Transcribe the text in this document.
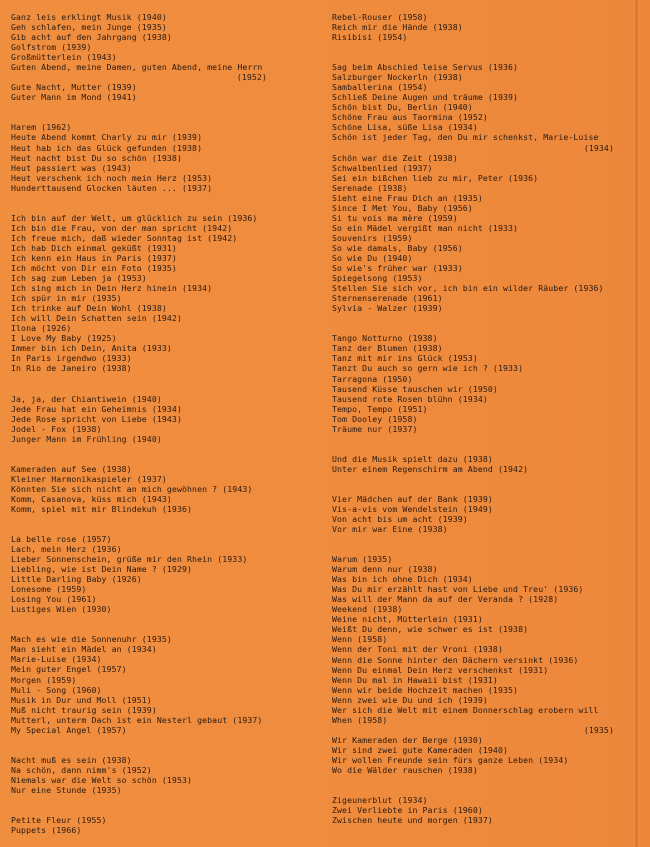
Ganz leis erklingt Musik (1940)
Geh schlafen, mein Junge (1935)
Gib acht auf den Jahrgang (1938)
Golfstrom (1939)
Großmütterlein (1943)
Guten Abend, meine Damen, guten Abend, meine Herrn
(1952)
Gute Nacht, Mutter (1939)
Guter Mann im Mond (1941)
Harem (1962)
Heute Abend kommt Charly zu mir (1939)
Heut hab ich das Glück gefunden (1938)
Heut nacht bist Du so schön (1938)
Heut passiert was (1943)
Heut verschenk ich noch mein Herz (1953)
Hunderttausend Glocken läuten ... (1937)
Ich bin auf der Welt, um glücklich zu sein (1936)
Ich bin die Frau, von der man spricht (1942)
Ich freue mich, daß wieder Sonntag ist (1942)
Ich hab Dich einmal geküßt (1931)
Ich kenn ein Haus in Paris (1937)
Ich möcht von Dir ein Foto (1935)
Ich sag zum Leben ja (1953)
Ich sing mich in Dein Herz hinein (1934)
Ich spür in mir (1935)
Ich trinke auf Dein Wohl (1938)
Ich will Dein Schatten sein (1942)
Ilona (1926)
I Love My Baby (1925)
Immer bin ich Dein, Anita (1933)
In Paris irgendwo (1933)
In Rio de Janeiro (1938)
Ja, ja, der Chiantiwein (1940)
Jede Frau hat ein Geheimnis (1934)
Jede Rose spricht von Liebe (1943)
Jodel - Fox (1938)
Junger Mann im Frühling (1940)
Kameraden auf See (1938)
Kleiner Harmonikaspieler (1937)
Könnten Sie sich nicht an mich gewöhnen ? (1943)
Komm, Casanova, küss mich (1943)
Komm, spiel mit mir Blindekuh (1936)
La belle rose (1957)
Lach, mein Herz (1936)
Lieber Sonnenschein, grüße mir den Rhein (1933)
Liebling, wie ist Dein Name ? (1929)
Little Darling Baby (1926)
Lonesome (1959)
Losing You (1961)
Lustiges Wien (1930)
Mach es wie die Sonnenuhr (1935)
Man sieht ein Mädel an (1934)
Marie-Luise (1934)
Mein guter Engel (1957)
Morgen (1959)
Muli - Song (1960)
Musik in Dur und Moll (1951)
Muß nicht traurig sein (1939)
Mutterl, unterm Dach ist ein Nesterl gebaut (1937)
My Special Angel (1957)
Nacht muß es sein (1938)
Na schön, dann nimm's (1952)
Niemals war die Welt so schön (1953)
Nur eine Stunde (1935)
Petite Fleur (1955)
Puppets (1966)
Rebel-Rouser (1958)
Reich mir die Hände (1938)
Risibisi (1954)
Sag beim Abschied leise Servus (1936)
Salzburger Nockerln (1938)
Samballerina (1954)
Schließ Deine Augen und träume (1939)
Schön bist Du, Berlin (1940)
Schöne Frau aus Taormina (1952)
Schöne Lisa, süße Lisa (1934)
Schön ist jeder Tag, den Du mir schenkst, Marie-Luise
(1934)
Schön war die Zeit (1938)
Schwalbenlied (1937)
Sei ein bißchen lieb zu mir, Peter (1936)
Serenade (1938)
Sieht eine Frau Dich an (1935)
Since I Met You, Baby (1956)
Si tu vois ma mère (1959)
So ein Mädel vergißt man nicht (1933)
Souvenirs (1959)
So wie damals, Baby (1956)
So wie Du (1940)
So wie's früher war (1933)
Spiegelsong (1953)
Stellen Sie sich vor, ich bin ein wilder Räuber (1936)
Sternenserenade (1961)
Sylvia - Walzer (1939)
Tango Notturno (1938)
Tanz der Blumen (1938)
Tanz mit mir ins Glück (1953)
Tanzt Du auch so gern wie ich ? (1933)
Tarragona (1950)
Tausend Küsse tauschen wir (1950)
Tausend rote Rosen blühn (1934)
Tempo, Tempo (1951)
Tom Dooley (1958)
Träume nur (1937)
Und die Musik spielt dazu (1938)
Unter einem Regenschirm am Abend (1942)
Vier Mädchen auf der Bank (1939)
Vis-a-vis vom Wendelstein (1949)
Von acht bis um acht (1939)
Vor mir war Eine (1938)
Warum (1935)
Warum denn nur (1938)
Was bin ich ohne Dich (1934)
Was Du mir erzählt hast von Liebe und Treu' (1936)
Was will der Mann da auf der Veranda ? (1928)
Weekend (1938)
Weine nicht, Mütterlein (1931)
Weißt Du denn, wie schwer es ist (1938)
Wenn (1958)
Wenn der Toni mit der Vroni (1938)
Wenn die Sonne hinter den Dächern versinkt (1936)
Wenn Du einmal Dein Herz verschenkst (1931)
Wenn Du mal in Hawaii bist (1931)
Wenn wir beide Hochzeit machen (1935)
Wenn zwei wie Du und ich (1939)
Wer sich die Welt mit einem Donnerschlag erobern will
When (1958)
(1935)
Wir Kameraden der Berge (1930)
Wir sind zwei gute Kameraden (1940)
Wir wollen Freunde sein fürs ganze Leben (1934)
Wo die Wälder rauschen (1938)
Zigeunerblut (1934)
Zwei Verliebte in Paris (1960)
Zwischen heute und morgen (1937)
